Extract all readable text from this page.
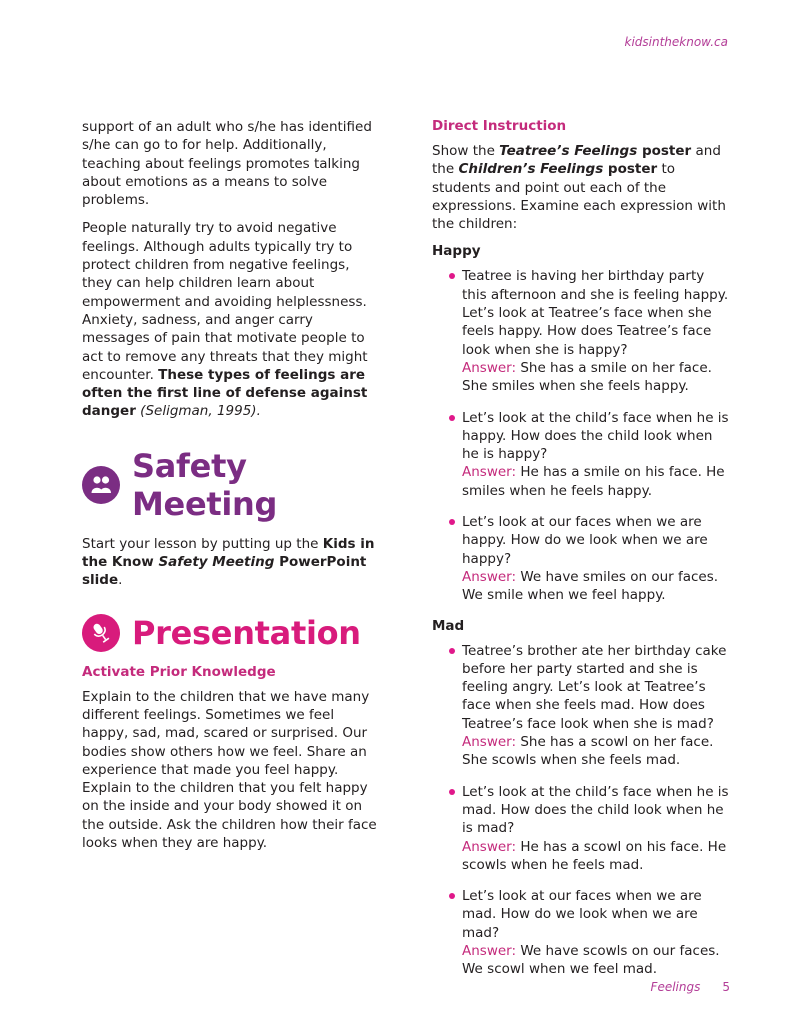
kidsintheknow.ca

support of an adult who s/he has identified s/he can go to for help. Additionally, teaching about feelings promotes talking about emotions as a means to solve problems.

People naturally try to avoid negative feelings. Although adults typically try to protect children from negative feelings, they can help children learn about empowerment and avoiding helplessness. Anxiety, sadness, and anger carry messages of pain that motivate people to act to remove any threats that they might encounter. These types of feelings are often the first line of defense against danger (Seligman, 1995).

Safety Meeting

Start your lesson by putting up the Kids in the Know Safety Meeting PowerPoint slide.

Presentation
Activate Prior Knowledge

Explain to the children that we have many different feelings. Sometimes we feel happy, sad, mad, scared or surprised. Our bodies show others how we feel. Share an experience that made you feel happy. Explain to the children that you felt happy on the inside and your body showed it on the outside. Ask the children how their face looks when they are happy.

Direct Instruction

Show the Teatree’s Feelings poster and the Children’s Feelings poster to students and point out each of the expressions. Examine each expression with the children:

Happy
Teatree is having her birthday party this afternoon and she is feeling happy. Let’s look at Teatree’s face when she feels happy. How does Teatree’s face look when she is happy?
Answer: She has a smile on her face. She smiles when she feels happy.
Let’s look at the child’s face when he is happy. How does the child look when he is happy?
Answer: He has a smile on his face. He smiles when he feels happy.
Let’s look at our faces when we are happy. How do we look when we are happy?
Answer: We have smiles on our faces. We smile when we feel happy.
Mad
Teatree’s brother ate her birthday cake before her party started and she is feeling angry. Let’s look at Teatree’s face when she feels mad. How does Teatree’s face look when she is mad?
Answer: She has a scowl on her face. She scowls when she feels mad.
Let’s look at the child’s face when he is mad. How does the child look when he is mad?
Answer: He has a scowl on his face. He scowls when he feels mad.
Let’s look at our faces when we are mad. How do we look when we are mad?
Answer: We have scowls on our faces. We scowl when we feel mad.
Feelings 5
